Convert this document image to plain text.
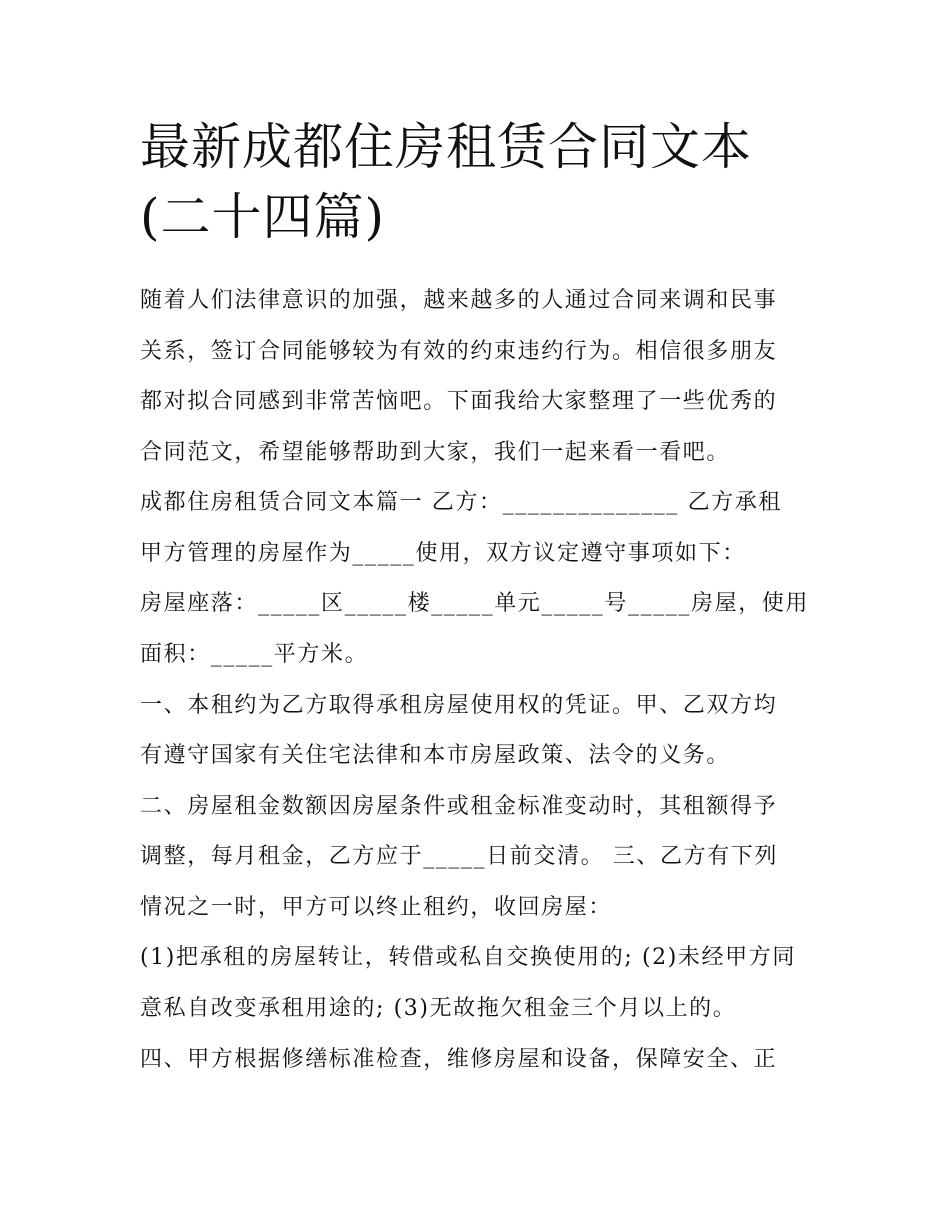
最新成都住房租赁合同文本(二十四篇)

随着人们法律意识的加强，越来越多的人通过合同来调和民事

关系，签订合同能够较为有效的约束违约行为。相信很多朋友

都对拟合同感到非常苦恼吧。下面我给大家整理了一些优秀的

合同范文，希望能够帮助到大家，我们一起来看一看吧。

成都住房租赁合同文本篇一 乙方：______________ 乙方承租

甲方管理的房屋作为_____使用，双方议定遵守事项如下：

房屋座落：_____区_____楼_____单元_____号_____房屋，使用

面积：_____平方米。

一、本租约为乙方取得承租房屋使用权的凭证。甲、乙双方均

有遵守国家有关住宅法律和本市房屋政策、法令的义务。

二、房屋租金数额因房屋条件或租金标准变动时，其租额得予

调整，每月租金，乙方应于_____日前交清。 三、乙方有下列

情况之一时，甲方可以终止租约，收回房屋：

(1)把承租的房屋转让，转借或私自交换使用的; (2)未经甲方同

意私自改变承租用途的; (3)无故拖欠租金三个月以上的。

四、甲方根据修缮标准检查，维修房屋和设备，保障安全、正
